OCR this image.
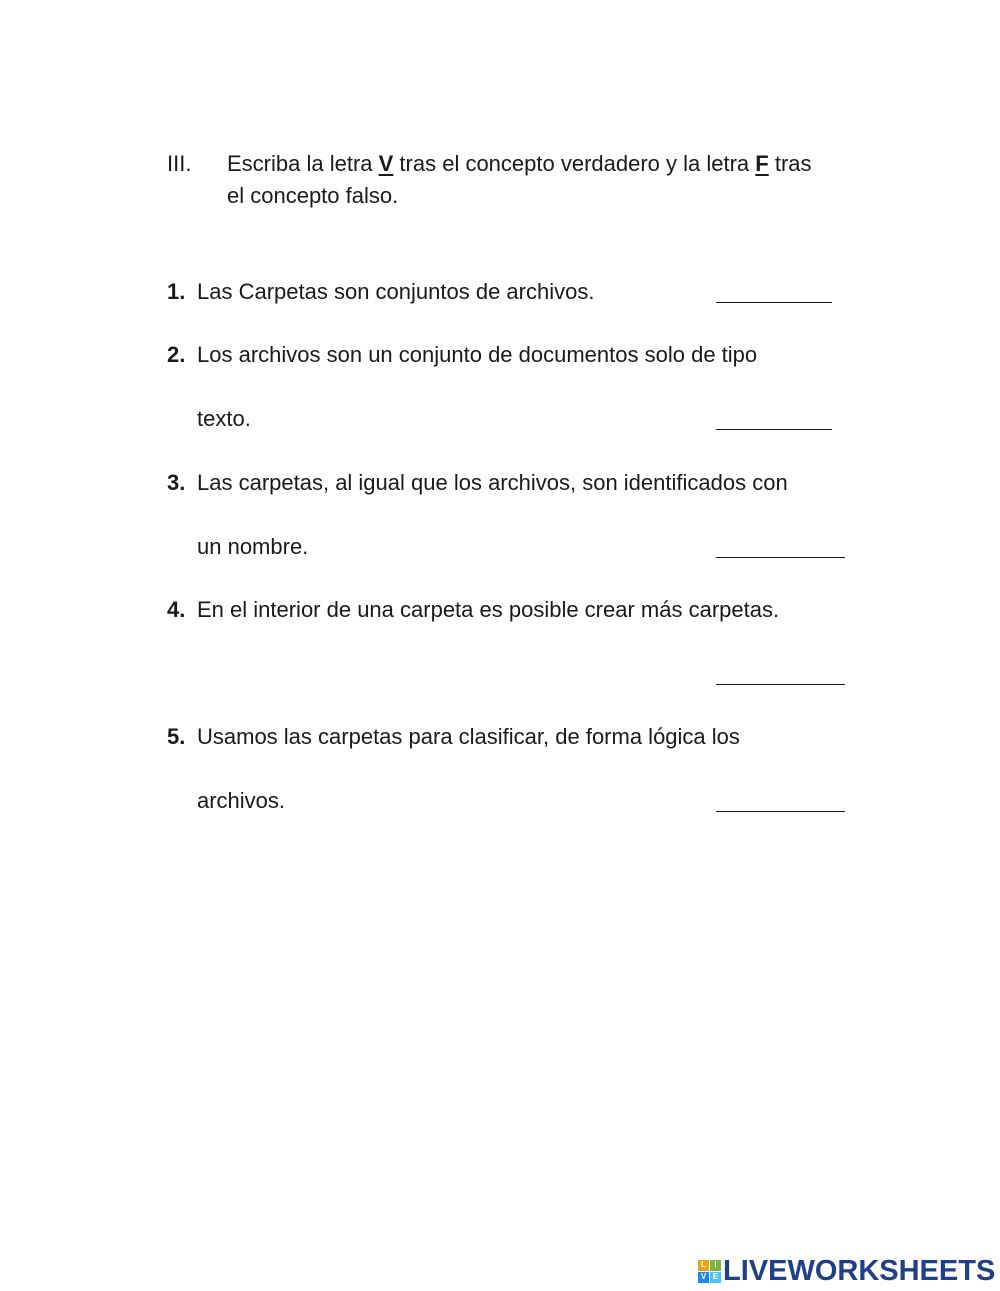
III. Escriba la letra V tras el concepto verdadero y la letra F tras
el concepto falso.
1. Las Carpetas son conjuntos de archivos.
2. Los archivos son un conjunto de documentos solo de tipo
texto.
3. Las carpetas, al igual que los archivos, son identificados con
un nombre.
4. En el interior de una carpeta es posible crear más carpetas.
5. Usamos las carpetas para clasificar, de forma lógica los
archivos.
L	I
V E LIVEWORKSHEETS
